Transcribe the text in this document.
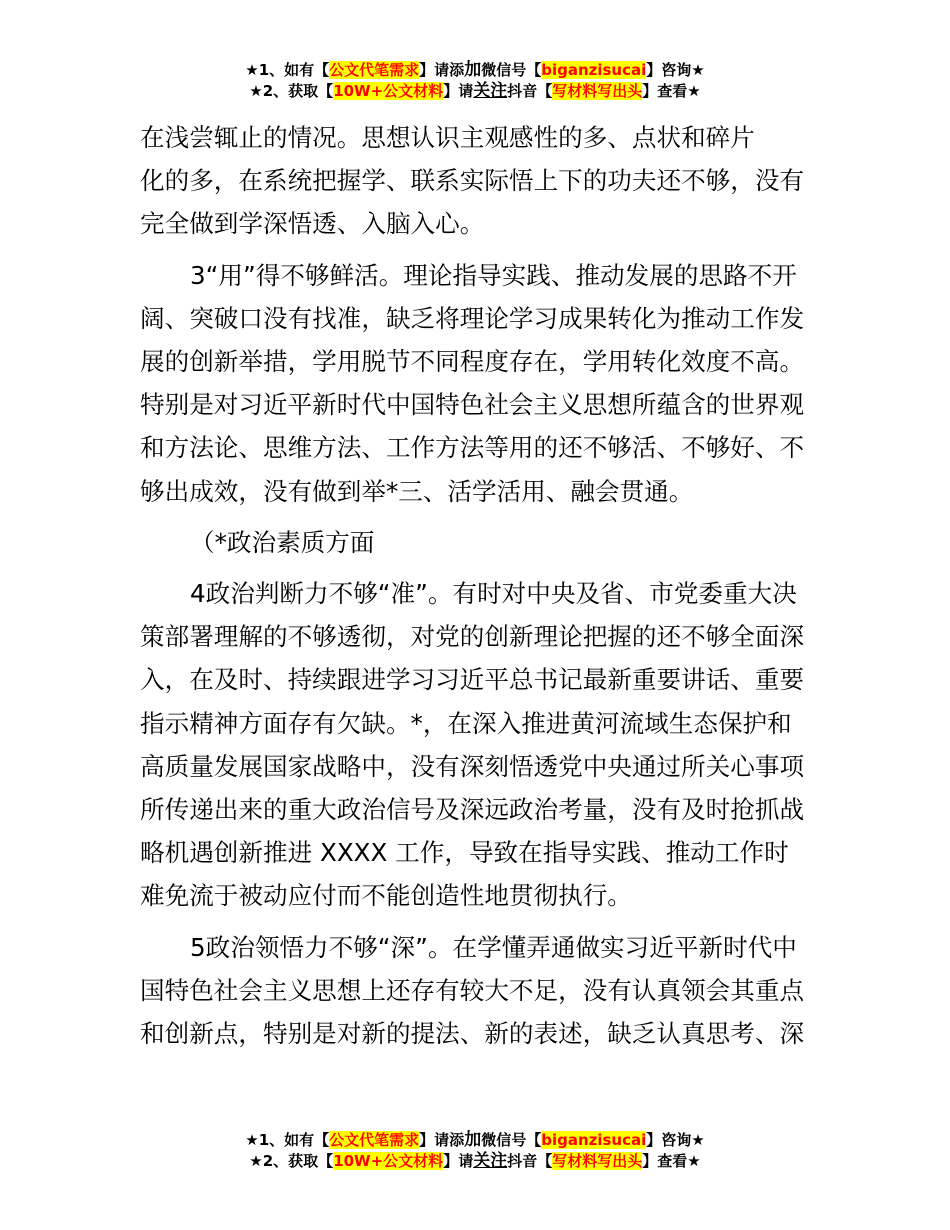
★1、如有【公文代笔需求】请添加微信号【biganzisucai】咨询★
★2、获取【10W+公文材料】请关注抖音【写材料写出头】查看★

在浅尝辄止的情况。思想认识主观感性的多、点状和碎片
化的多，在系统把握学、联系实际悟上下的功夫还不够，没有
完全做到学深悟透、入脑入心。

3“用”得不够鲜活。理论指导实践、推动发展的思路不开
阔、突破口没有找准，缺乏将理论学习成果转化为推动工作发
展的创新举措，学用脱节不同程度存在，学用转化效度不高。
特别是对习近平新时代中国特色社会主义思想所蕴含的世界观
和方法论、思维方法、工作方法等用的还不够活、不够好、不
够出成效，没有做到举*三、活学活用、融会贯通。

（*政治素质方面

4政治判断力不够“准”。有时对中央及省、市党委重大决
策部署理解的不够透彻，对党的创新理论把握的还不够全面深
入，在及时、持续跟进学习习近平总书记最新重要讲话、重要
指示精神方面存有欠缺。*，在深入推进黄河流域生态保护和
高质量发展国家战略中，没有深刻悟透党中央通过所关心事项
所传递出来的重大政治信号及深远政治考量，没有及时抢抓战
略机遇创新推进 XXXX 工作，导致在指导实践、推动工作时
难免流于被动应付而不能创造性地贯彻执行。

5政治领悟力不够“深”。在学懂弄通做实习近平新时代中
国特色社会主义思想上还存有较大不足，没有认真领会其重点
和创新点，特别是对新的提法、新的表述，缺乏认真思考、深

★1、如有【公文代笔需求】请添加微信号【biganzisucai】咨询★
★2、获取【10W+公文材料】请关注抖音【写材料写出头】查看★
